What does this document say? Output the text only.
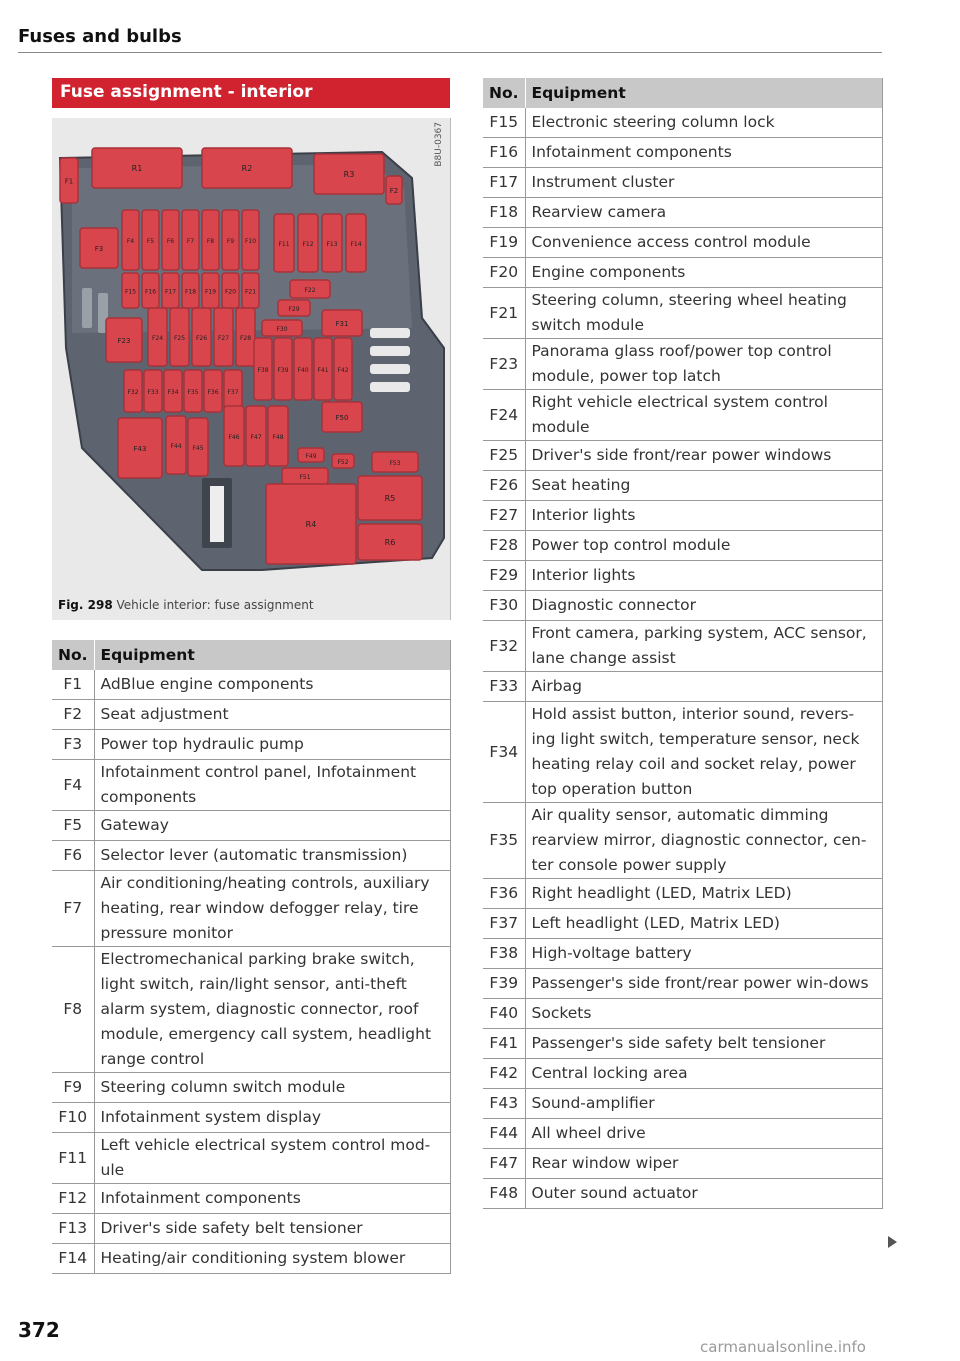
Fuses and bulbs
Fuse assignment - interior
B8U-0367
R1	R2
R3
F1
F2
F3
F4 F5 F6 F7 F8 F9 F10	F11 F12 F13 F14
F15 F16 F17 F18 F19 F20 F21	F22
F29
F31
F30
F23	F24 F25 F26 F27 F28
F38 F39 F40 F41 F42
F32 F33 F34 F35 F36 F37
F43	F44 F45
F46 F47 F48
F50
F49
F52	F53
F51
R5
R4
R6
Fig. 298 Vehicle interior: fuse assignment
No.	Equipment
F1	AdBlue engine components
F2	Seat adjustment
F3	Power top hydraulic pump
F4	Infotainment control panel, Infotainment components
F5	Gateway
F6	Selector lever (automatic transmission)
F7	Air conditioning/heating controls, auxiliary heating, rear window defogger relay, tire pressure monitor
F8	Electromechanical parking brake switch, light switch, rain/light sensor, anti-theft alarm system, diagnostic connector, roof module, emergency call system, headlight range control
F9	Steering column switch module
F10	Infotainment system display
F11	Left vehicle electrical system control mod-ule
F12	Infotainment components
F13	Driver's side safety belt tensioner
F14	Heating/air conditioning system blower
No.	Equipment
F15	Electronic steering column lock
F16	Infotainment components
F17	Instrument cluster
F18	Rearview camera
F19	Convenience access control module
F20	Engine components
F21	Steering column, steering wheel heating switch module
F23	Panorama glass roof/power top control module, power top latch
F24	Right vehicle electrical system control module
F25	Driver's side front/rear power windows
F26	Seat heating
F27	Interior lights
F28	Power top control module
F29	Interior lights
F30	Diagnostic connector
F32	Front camera, parking system, ACC sensor, lane change assist
F33	Airbag
F34	Hold assist button, interior sound, revers-ing light switch, temperature sensor, neck heating relay coil and socket relay, power top operation button
F35	Air quality sensor, automatic dimming rearview mirror, diagnostic connector, cen-ter console power supply
F36	Right headlight (LED, Matrix LED)
F37	Left headlight (LED, Matrix LED)
F38	High-voltage battery
F39	Passenger's side front/rear power win-dows
F40	Sockets
F41	Passenger's side safety belt tensioner
F42	Central locking area
F43	Sound-amplifier
F44	All wheel drive
F47	Rear window wiper
F48	Outer sound actuator
372
carmanualsonline.info
